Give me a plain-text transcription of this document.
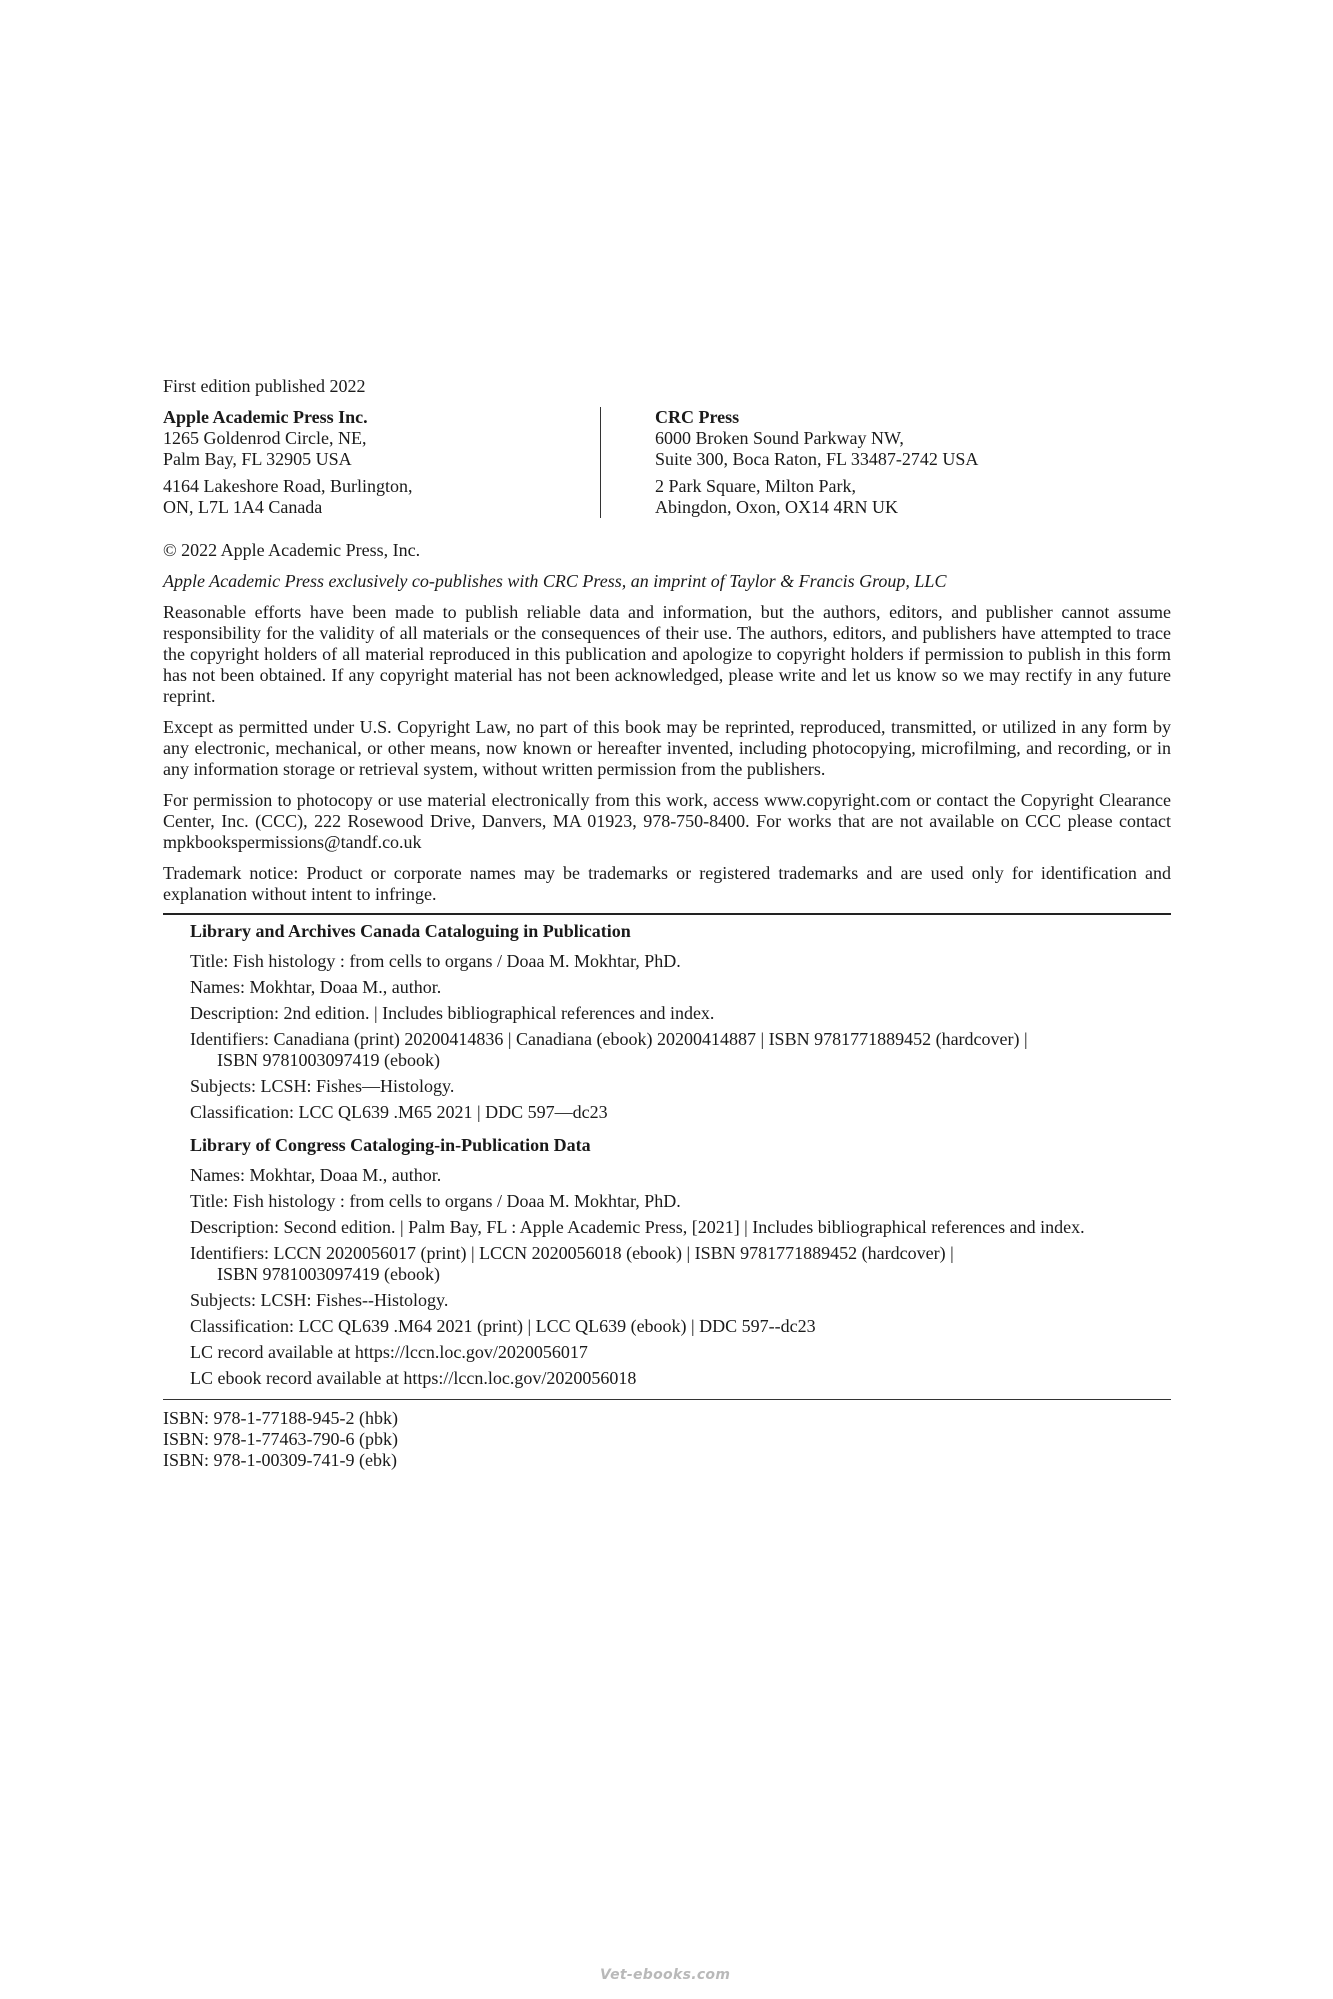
First edition published 2022

Apple Academic Press Inc.

1265 Goldenrod Circle, NE,

Palm Bay, FL 32905 USA

4164 Lakeshore Road, Burlington,

ON, L7L 1A4 Canada

CRC Press

6000 Broken Sound Parkway NW,

Suite 300, Boca Raton, FL 33487-2742 USA

2 Park Square, Milton Park,

Abingdon, Oxon, OX14 4RN UK

© 2022 Apple Academic Press, Inc.

Apple Academic Press exclusively co-publishes with CRC Press, an imprint of Taylor & Francis Group, LLC

Reasonable efforts have been made to publish reliable data and information, but the authors, editors, and publisher cannot assume responsibility for the validity of all materials or the consequences of their use. The authors, editors, and publishers have attempted to trace the copyright holders of all material reproduced in this publication and apologize to copyright holders if permission to publish in this form has not been obtained. If any copyright material has not been acknowledged, please write and let us know so we may rectify in any future reprint.

Except as permitted under U.S. Copyright Law, no part of this book may be reprinted, reproduced, transmitted, or utilized in any form by any electronic, mechanical, or other means, now known or hereafter invented, including photocopying, microfilming, and recording, or in any information storage or retrieval system, without written permission from the publishers.

For permission to photocopy or use material electronically from this work, access www.copyright.com or contact the Copyright Clearance Center, Inc. (CCC), 222 Rosewood Drive, Danvers, MA 01923, 978-750-8400. For works that are not available on CCC please contact mpkbookspermissions@tandf.co.uk

Trademark notice: Product or corporate names may be trademarks or registered trademarks and are used only for identification and explanation without intent to infringe.

Library and Archives Canada Cataloguing in Publication

Title: Fish histology : from cells to organs / Doaa M. Mokhtar, PhD.

Names: Mokhtar, Doaa M., author.

Description: 2nd edition. | Includes bibliographical references and index.

Identifiers: Canadiana (print) 20200414836 | Canadiana (ebook) 20200414887 | ISBN 9781771889452 (hardcover) |
ISBN 9781003097419 (ebook)

Subjects: LCSH: Fishes—Histology.

Classification: LCC QL639 .M65 2021 | DDC 597—dc23

Library of Congress Cataloging-in-Publication Data

Names: Mokhtar, Doaa M., author.

Title: Fish histology : from cells to organs / Doaa M. Mokhtar, PhD.

Description: Second edition. | Palm Bay, FL : Apple Academic Press, [2021] | Includes bibliographical references and index.

Identifiers: LCCN 2020056017 (print) | LCCN 2020056018 (ebook) | ISBN 9781771889452 (hardcover) |
ISBN 9781003097419 (ebook)

Subjects: LCSH: Fishes--Histology.

Classification: LCC QL639 .M64 2021 (print) | LCC QL639 (ebook) | DDC 597--dc23

LC record available at https://lccn.loc.gov/2020056017

LC ebook record available at https://lccn.loc.gov/2020056018

ISBN: 978-1-77188-945-2 (hbk)

ISBN: 978-1-77463-790-6 (pbk)

ISBN: 978-1-00309-741-9 (ebk)

Vet-ebooks.com
